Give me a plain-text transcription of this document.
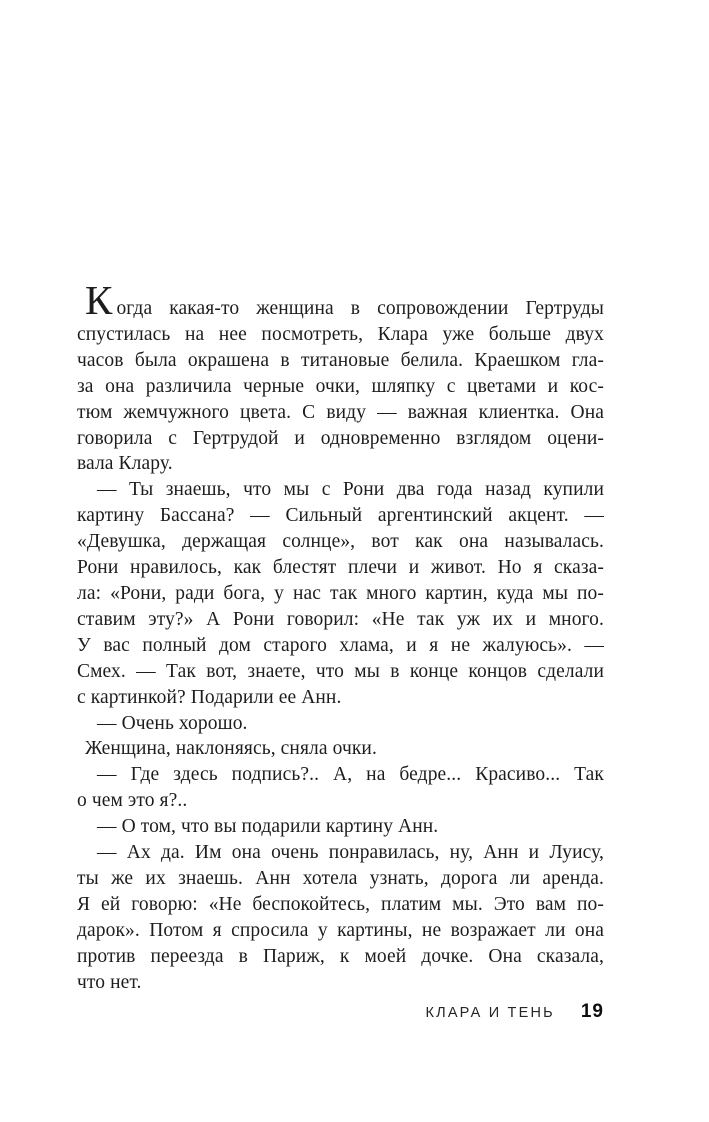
Когда какая-то женщина в сопровождении Гертруды
спустилась на нее посмотреть, Клара уже больше двух
часов была окрашена в титановые белила. Краешком гла-
за она различила черные очки, шляпку с цветами и кос-
тюм жемчужного цвета. С виду — важная клиентка. Она
говорила с Гертрудой и одновременно взглядом оцени-
вала Клару.
— Ты знаешь, что мы с Рони два года назад купили
картину Бассана? — Сильный аргентинский акцент. —
«Девушка, держащая солнце», вот как она называлась.
Рони нравилось, как блестят плечи и живот. Но я сказа-
ла: «Рони, ради бога, у нас так много картин, куда мы по-
ставим эту?» А Рони говорил: «Не так уж их и много.
У вас полный дом старого хлама, и я не жалуюсь». —
Смех. — Так вот, знаете, что мы в конце концов сделали
с картинкой? Подарили ее Анн.
— Очень хорошо.
Женщина, наклоняясь, сняла очки.
— Где здесь подпись?.. А, на бедре... Красиво... Так
о чем это я?..
— О том, что вы подарили картину Анн.
— Ах да. Им она очень понравилась, ну, Анн и Луису,
ты же их знаешь. Анн хотела узнать, дорога ли аренда.
Я ей говорю: «Не беспокойтесь, платим мы. Это вам по-
дарок». Потом я спросила у картины, не возражает ли она
против переезда в Париж, к моей дочке. Она сказала,
что нет.
КЛАРА И ТЕНЬ 19
